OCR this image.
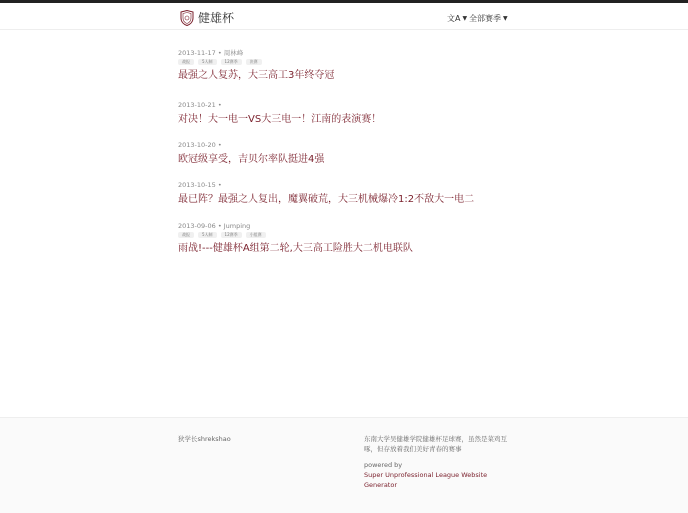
健雄杯	文A ▼ 全部赛季 ▼
2013-11-17 • 周林峰
战报	5人制	12赛季	决赛
最强之人复苏，大三高工3年终夺冠
2013-10-21 •
对决！大一电一VS大三电一！江南的表演赛！
2013-10-20 •
欧冠级享受，吉贝尔率队挺进4强
2013-10-15 •
最已阵？最强之人复出，魔翼破荒，大三机械爆冷1:2不敌大一电二
2013-09-06 • Jumping
战报	5人制	12赛季	小组赛
雨战!---健雄杯A组第二轮,大三高工险胜大二机电联队
狄学长shrekshao	东南大学吴健雄学院健雄杯足球赛，虽然是菜鸡互啄，但存放着我们美好青春的赛事
powered by
Super Unprofessional League Website Generator
